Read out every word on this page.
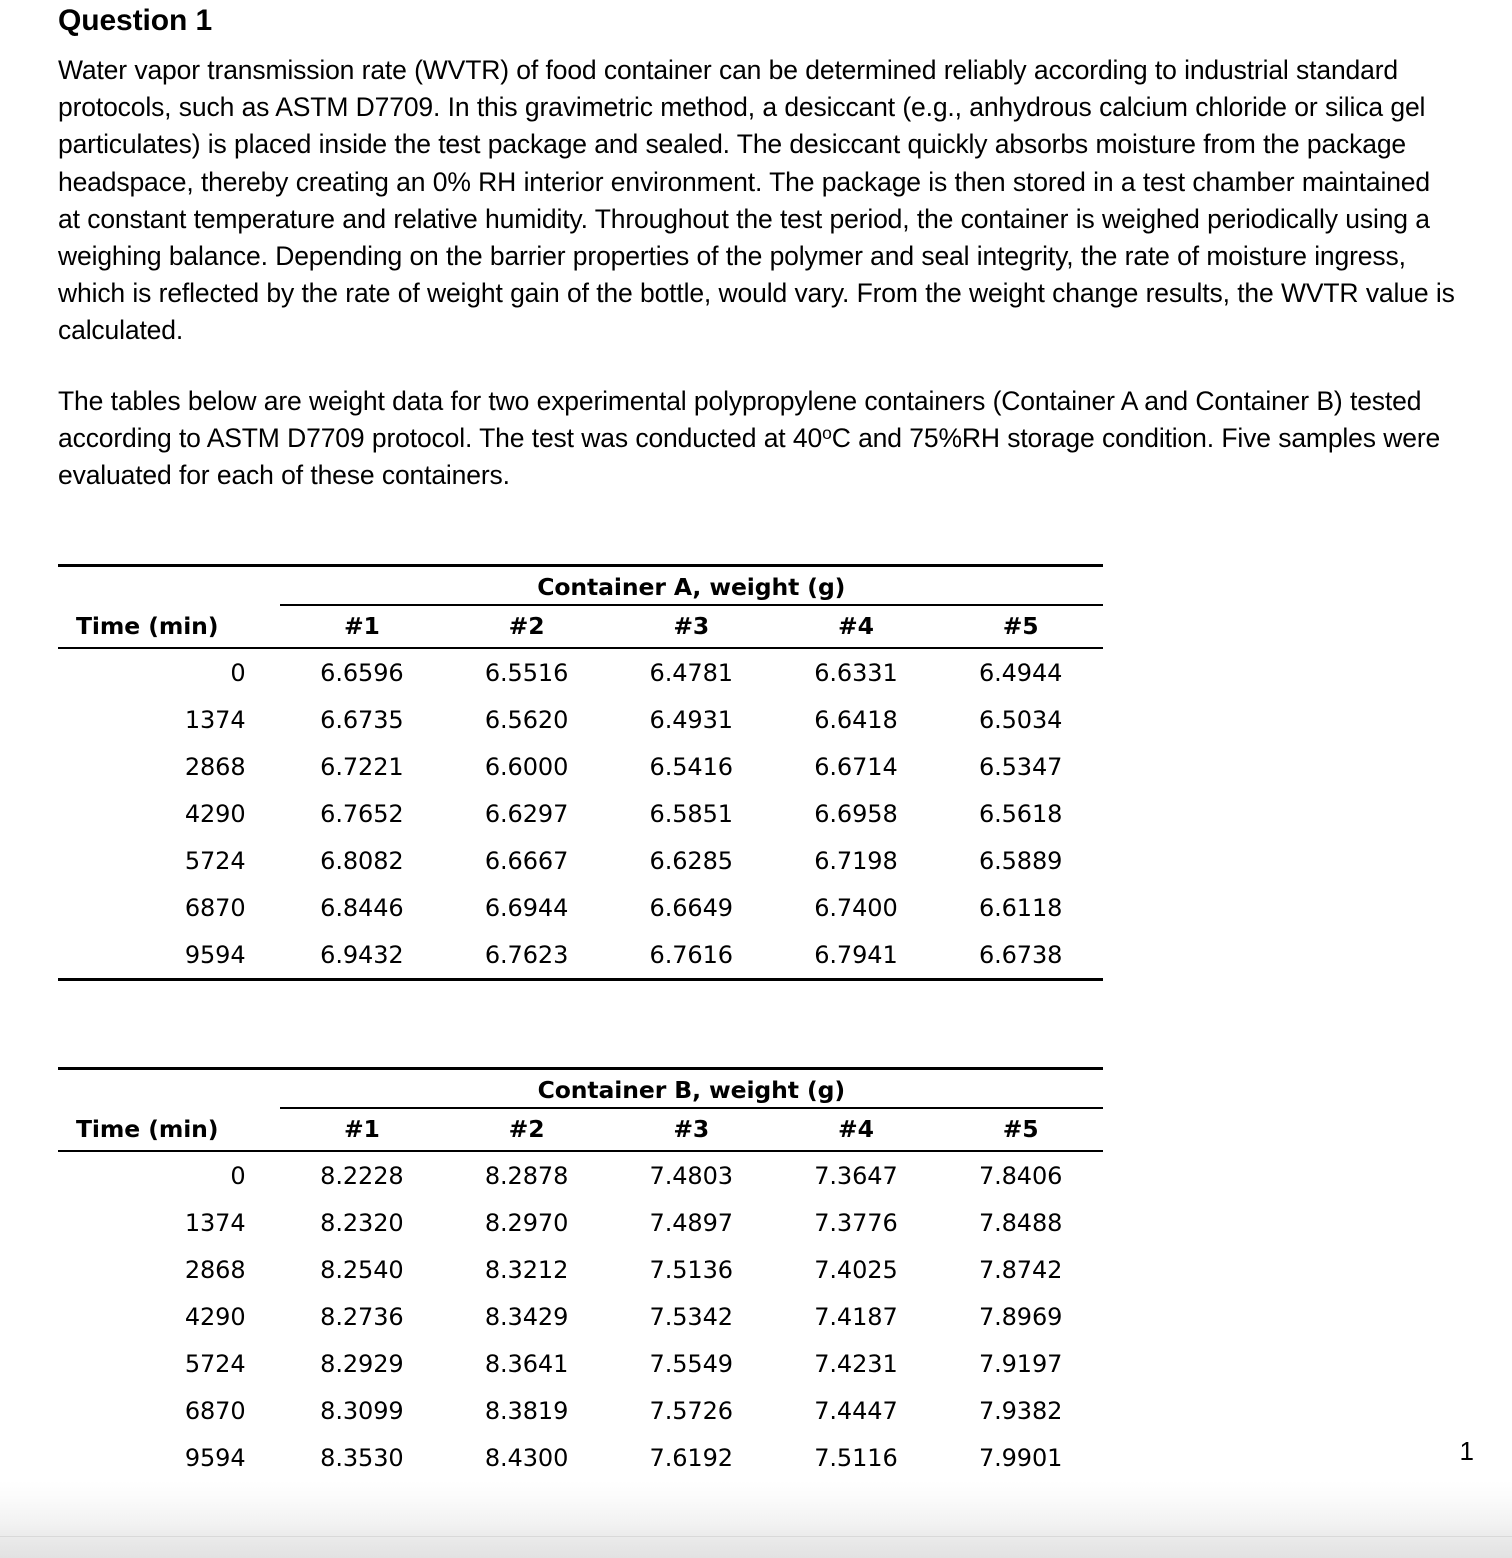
Question 1

Water vapor transmission rate (WVTR) of food container can be determined reliably according to industrial standard protocols, such as ASTM D7709. In this gravimetric method, a desiccant (e.g., anhydrous calcium chloride or silica gel particulates) is placed inside the test package and sealed. The desiccant quickly absorbs moisture from the package headspace, thereby creating an 0% RH interior environment. The package is then stored in a test chamber maintained at constant temperature and relative humidity. Throughout the test period, the container is weighed periodically using a weighing balance. Depending on the barrier properties of the polymer and seal integrity, the rate of moisture ingress, which is reflected by the rate of weight gain of the bottle, would vary. From the weight change results, the WVTR value is calculated.

The tables below are weight data for two experimental polypropylene containers (Container A and Container B) tested according to ASTM D7709 protocol. The test was conducted at 40$^o$C and 75%RH storage condition. Five samples were evaluated for each of these containers.

	Container A, weight (g)				
Time (min)	#1	#2	#3	#4	#5
0	6.6596	6.5516	6.4781	6.6331	6.4944
1374	6.6735	6.5620	6.4931	6.6418	6.5034
2868	6.7221	6.6000	6.5416	6.6714	6.5347
4290	6.7652	6.6297	6.5851	6.6958	6.5618
5724	6.8082	6.6667	6.6285	6.7198	6.5889
6870	6.8446	6.6944	6.6649	6.7400	6.6118
9594	6.9432	6.7623	6.7616	6.7941	6.6738

	Container B, weight (g)				
Time (min)	#1	#2	#3	#4	#5
0	8.2228	8.2878	7.4803	7.3647	7.8406
1374	8.2320	8.2970	7.4897	7.3776	7.8488
2868	8.2540	8.3212	7.5136	7.4025	7.8742
4290	8.2736	8.3429	7.5342	7.4187	7.8969
5724	8.2929	8.3641	7.5549	7.4231	7.9197
6870	8.3099	8.3819	7.5726	7.4447	7.9382
9594	8.3530	8.4300	7.6192	7.5116	7.9901	1
